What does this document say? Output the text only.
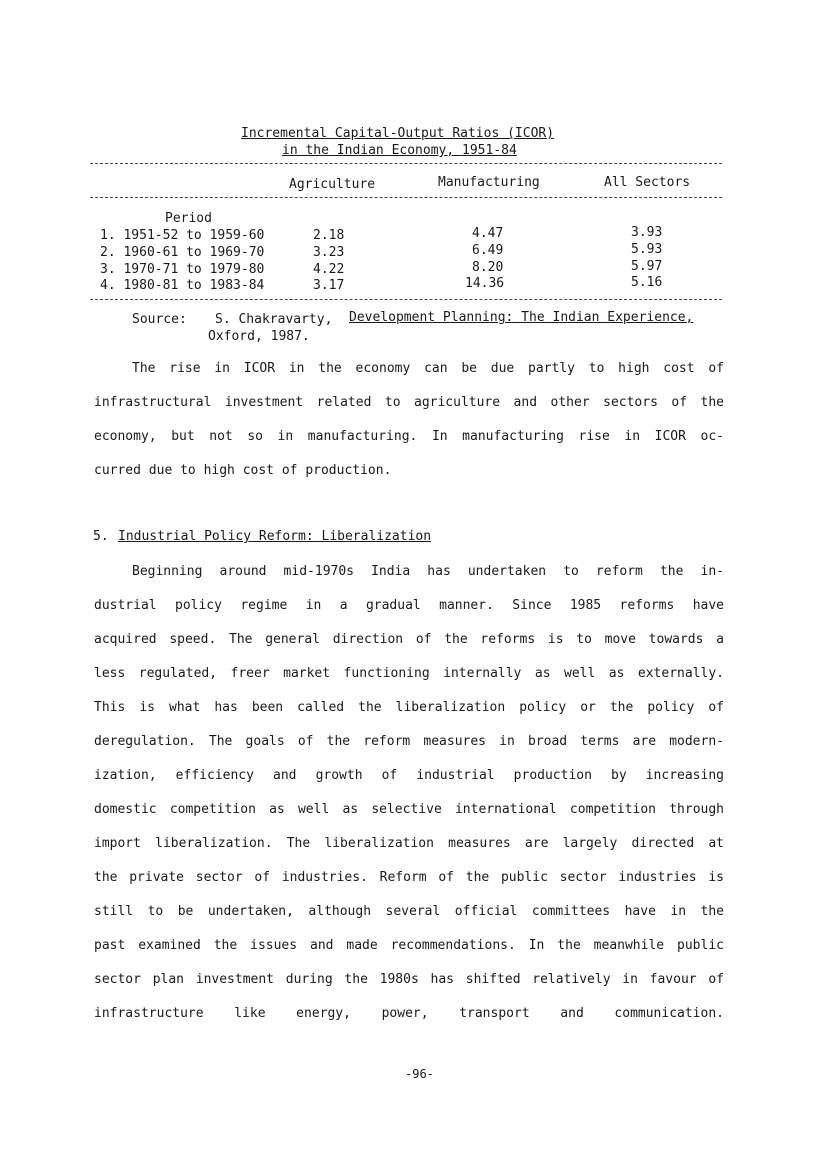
Incremental Capital-Output Ratios (ICOR)
in the Indian Economy, 1951-84
Agriculture	Manufacturing	All Sectors
Period
1. 1951-52 to 1959-60	2.18	4.47	3.93
2. 1960-61 to 1969-70	3.23	6.49	5.93
3. 1970-71 to 1979-80	4.22	8.20	5.97
4. 1980-81 to 1983-84	3.17	14.36	5.16
Source: S. Chakravarty, Development Planning: The Indian Experience,
Oxford, 1987.
The rise in ICOR in the economy can be due partly to high cost of
infrastructural investment related to agriculture and other sectors of the
economy, but not so in manufacturing. In manufacturing rise in ICOR oc-
curred due to high cost of production.
5. Industrial Policy Reform: Liberalization
Beginning around mid-1970s India has undertaken to reform the in-
dustrial policy regime in a gradual manner. Since 1985 reforms have
acquired speed. The general direction of the reforms is to move towards a
less regulated, freer market functioning internally as well as externally.
This is what has been called the liberalization policy or the policy of
deregulation. The goals of the reform measures in broad terms are modern-
ization, efficiency and growth of industrial production by increasing
domestic competition as well as selective international competition through
import liberalization. The liberalization measures are largely directed at
the private sector of industries. Reform of the public sector industries is
still to be undertaken, although several official committees have in the
past examined the issues and made recommendations. In the meanwhile public
sector plan investment during the 1980s has shifted relatively in favour of
infrastructure like energy, power, transport and communication.
-96-
